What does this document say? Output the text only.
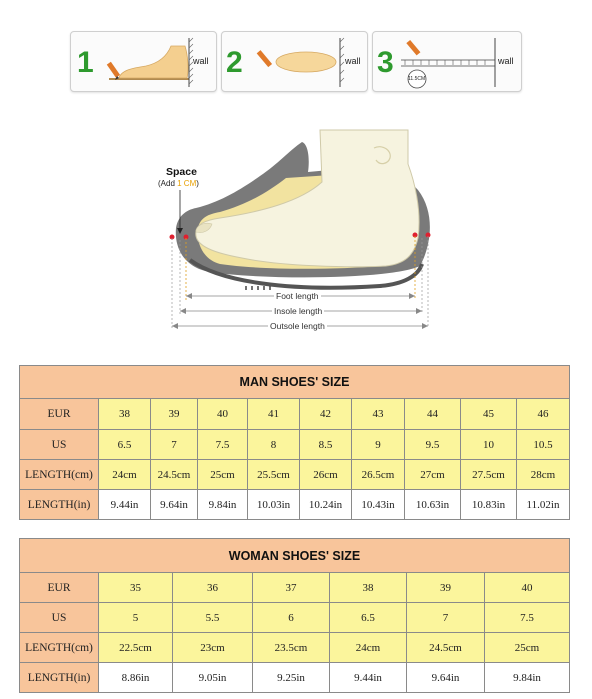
1	wall 2	wall 3	11.5CM
wall
Space
(Add 1 CM)
Foot length
Insole length
Outsole length
MAN SHOES' SIZE									
EUR	38	39	40	41	42	43	44	45	46
US	6.5	7	7.5	8	8.5	9	9.5	10	10.5
LENGTH(cm)	24cm	24.5cm	25cm	25.5cm	26cm	26.5cm	27cm	27.5cm	28cm
LENGTH(in)	9.44in	9.64in	9.84in	10.03in	10.24in	10.43in	10.63in	10.83in	11.02in
WOMAN SHOES' SIZE						
EUR	35	36	37	38	39	40
US	5	5.5	6	6.5	7	7.5
LENGTH(cm)	22.5cm	23cm	23.5cm	24cm	24.5cm	25cm
LENGTH(in)	8.86in	9.05in	9.25in	9.44in	9.64in	9.84in
